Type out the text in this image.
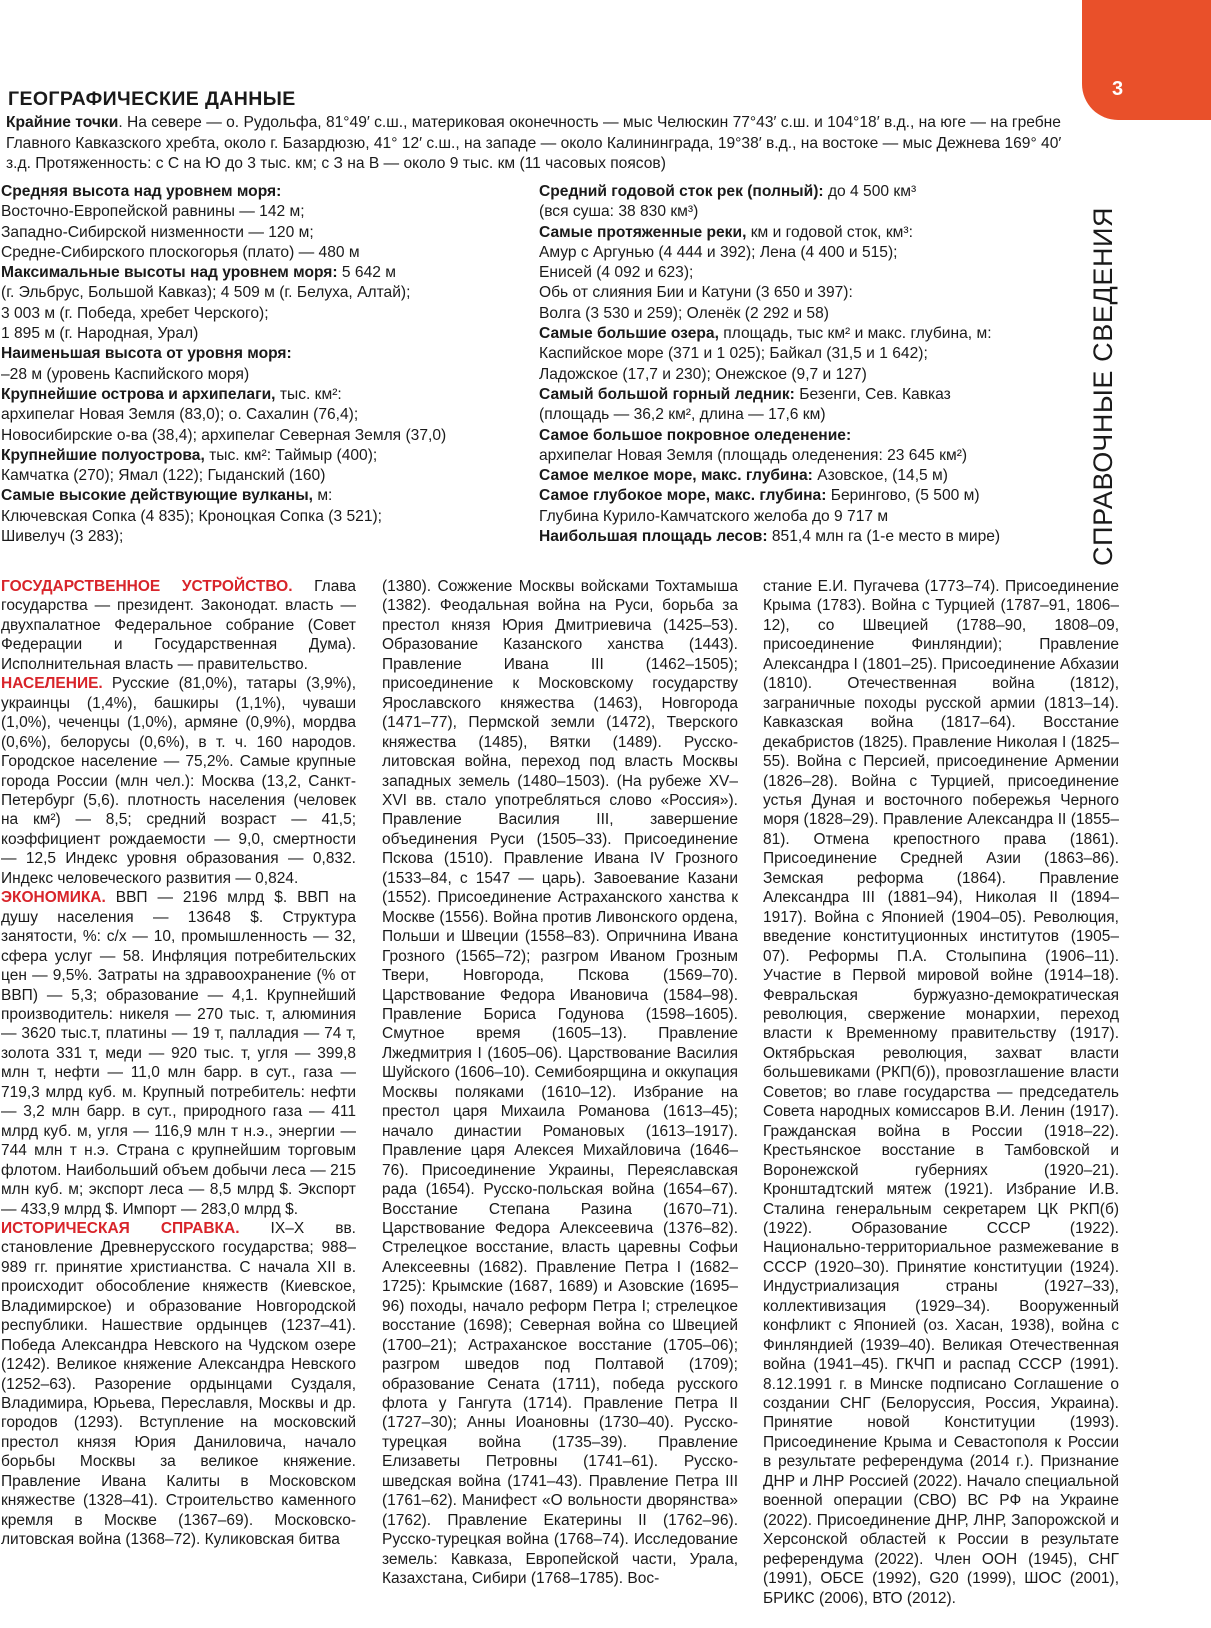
3
СПРАВОЧНЫЕ СВЕДЕНИЯ
ГЕОГРАФИЧЕСКИЕ ДАННЫЕ
Крайние точки. На севере — о. Рудольфа, 81°49′ с.ш., материковая оконечность — мыс Челюскин 77°43′ с.ш. и 104°18′ в.д., на юге — на гребне Главного Кавказского хребта, около г. Базардюзю, 41° 12′ с.ш., на западе — около Калининграда, 19°38′ в.д., на востоке — мыс Дежнева 169° 40′ з.д. Протяженность: с С на Ю до 3 тыс. км; с З на В — около 9 тыс. км (11 часовых поясов)
Средняя высота над уровнем моря:
Восточно-Европейской равнины — 142 м;
Западно-Сибирской низменности — 120 м;
Средне-Сибирского плоскогорья (плато) — 480 м
Максимальные высоты над уровнем моря: 5 642 м
(г. Эльбрус, Большой Кавказ); 4 509 м (г. Белуха, Алтай);
3 003 м (г. Победа, хребет Черского);
1 895 м (г. Народная, Урал)
Наименьшая высота от уровня моря:
–28 м (уровень Каспийского моря)
Крупнейшие острова и архипелаги, тыс. км²:
архипелаг Новая Земля (83,0); о. Сахалин (76,4);
Новосибирские о-ва (38,4); архипелаг Северная Земля (37,0)
Крупнейшие полуострова, тыс. км²: Таймыр (400);
Камчатка (270); Ямал (122); Гыданский (160)
Самые высокие действующие вулканы, м:
Ключевская Сопка (4 835); Кроноцкая Сопка (3 521);
Шивелуч (3 283);
Средний годовой сток рек (полный): до 4 500 км³
(вся суша: 38 830 км³)
Самые протяженные реки, км и годовой сток, км³:
Амур с Аргунью (4 444 и 392); Лена (4 400 и 515);
Енисей (4 092 и 623);
Обь от слияния Бии и Катуни (3 650 и 397):
Волга (3 530 и 259); Оленёк (2 292 и 58)
Самые большие озера, площадь, тыс км² и макс. глубина, м:
Каспийское море (371 и 1 025); Байкал (31,5 и 1 642);
Ладожское (17,7 и 230); Онежское (9,7 и 127)
Самый большой горный ледник: Безенги, Сев. Кавказ
(площадь — 36,2 км², длина — 17,6 км)
Самое большое покровное оледенение:
архипелаг Новая Земля (площадь оледенения: 23 645 км²)
Самое мелкое море, макс. глубина: Азовское, (14,5 м)
Самое глубокое море, макс. глубина: Берингово, (5 500 м)
Глубина Курило-Камчатского желоба до 9 717 м
Наибольшая площадь лесов: 851,4 млн га (1-е место в мире)
ГОСУДАРСТВЕННОЕ УСТРОЙСТВО. Глава государства — президент. Законодат. власть — двухпалатное Федеральное собрание (Совет Федерации и Государственная Дума). Исполнительная власть — правительство.
НАСЕЛЕНИЕ. Русские (81,0%), татары (3,9%), украинцы (1,4%), башкиры (1,1%), чуваши (1,0%), чеченцы (1,0%), армяне (0,9%), мордва (0,6%), белорусы (0,6%), в т. ч. 160 народов. Городское население — 75,2%. Самые крупные города России (млн чел.): Москва (13,2, Санкт-Петербург (5,6). плотность населения (человек на км²) — 8,5; средний возраст — 41,5; коэффициент рождаемости — 9,0, смертности — 12,5 Индекс уровня образования — 0,832. Индекс человеческого развития — 0,824.
ЭКОНОМИКА. ВВП — 2196 млрд $. ВВП на душу населения — 13648 $. Структура занятости, %: с/х — 10, промышленность — 32, сфера услуг — 58. Инфляция потребительских цен — 9,5%. Затраты на здравоохранение (% от ВВП) — 5,3; образование — 4,1. Крупнейший производитель: никеля — 270 тыс. т, алюминия — 3620 тыс.т, платины — 19 т, палладия — 74 т, золота 331 т, меди — 920 тыс. т, угля — 399,8 млн т, нефти — 11,0 млн барр. в сут., газа — 719,3 млрд куб. м. Крупный потребитель: нефти — 3,2 млн барр. в сут., природного газа — 411 млрд куб. м, угля — 116,9 млн т н.э., энергии — 744 млн т н.э. Страна с крупнейшим торговым флотом. Наибольший объем добычи леса — 215 млн куб. м; экспорт леса — 8,5 млрд $. Экспорт — 433,9 млрд $. Импорт — 283,0 млрд $.
ИСТОРИЧЕСКАЯ СПРАВКА. IX–X вв. становление Древнерусского государства; 988–989 гг. принятие христианства. С начала XII в. происходит обособление княжеств (Киевское, Владимирское) и образование Новгородской республики. Нашествие ордынцев (1237–41). Победа Александра Невского на Чудском озере (1242). Великое княжение Александра Невского (1252–63). Разорение ордынцами Суздаля, Владимира, Юрьева, Переславля, Москвы и др. городов (1293). Вступление на московский престол князя Юрия Даниловича, начало борьбы Москвы за великое княжение. Правление Ивана Калиты в Московском княжестве (1328–41). Строительство каменного кремля в Москве (1367–69). Московско-литовская война (1368–72). Куликовская битва
(1380). Сожжение Москвы войсками Тохтамыша (1382). Феодальная война на Руси, борьба за престол князя Юрия Дмитриевича (1425–53). Образование Казанского ханства (1443). Правление Ивана III (1462–1505); присоединение к Московскому государству Ярославского княжества (1463), Новгорода (1471–77), Пермской земли (1472), Тверского княжества (1485), Вятки (1489). Русско-литовская война, переход под власть Москвы западных земель (1480–1503). (На рубеже XV–XVI вв. стало употребляться слово «Россия»). Правление Василия III, завершение объединения Руси (1505–33). Присоединение Пскова (1510). Правление Ивана IV Грозного (1533–84, с 1547 — царь). Завоевание Казани (1552). Присоединение Астраханского ханства к Москве (1556). Война против Ливонского ордена, Польши и Швеции (1558–83). Опричнина Ивана Грозного (1565–72); разгром Иваном Грозным Твери, Новгорода, Пскова (1569–70). Царствование Федора Ивановича (1584–98). Правление Бориса Годунова (1598–1605). Смутное время (1605–13). Правление Лжедмитрия I (1605–06). Царствование Василия Шуйского (1606–10). Семибоярщина и оккупация Москвы поляками (1610–12). Избрание на престол царя Михаила Романова (1613–45); начало династии Романовых (1613–1917). Правление царя Алексея Михайловича (1646–76). Присоединение Украины, Переяславская рада (1654). Русско-польская война (1654–67). Восстание Степана Разина (1670–71). Царствование Федора Алексеевича (1376–82). Стрелецкое восстание, власть царевны Софьи Алексеевны (1682). Правление Петра I (1682–1725): Крымские (1687, 1689) и Азовские (1695–96) походы, начало реформ Петра I; стрелецкое восстание (1698); Северная война со Швецией (1700–21); Астраханское восстание (1705–06); разгром шведов под Полтавой (1709); образование Сената (1711), победа русского флота у Гангута (1714). Правление Петра II (1727–30); Анны Иоановны (1730–40). Русско-турецкая война (1735–39). Правление Елизаветы Петровны (1741–61). Русско-шведская война (1741–43). Правление Петра III (1761–62). Манифест «О вольности дворянства» (1762). Правление Екатерины II (1762–96). Русско-турецкая война (1768–74). Исследование земель: Кавказа, Европейской части, Урала, Казахстана, Сибири (1768–1785). Вос-
стание Е.И. Пугачева (1773–74). Присоединение Крыма (1783). Война с Турцией (1787–91, 1806–12), со Швецией (1788–90, 1808–09, присоединение Финляндии); Правление Александра I (1801–25). Присоединение Абхазии (1810). Отечественная война (1812), заграничные походы русской армии (1813–14). Кавказская война (1817–64). Восстание декабристов (1825). Правление Николая I (1825–55). Война с Персией, присоединение Армении (1826–28). Война с Турцией, присоединение устья Дуная и восточного побережья Черного моря (1828–29). Правление Александра II (1855–81). Отмена крепостного права (1861). Присоединение Средней Азии (1863–86). Земская реформа (1864). Правление Александра III (1881–94), Николая II (1894–1917). Война с Японией (1904–05). Революция, введение конституционных институтов (1905–07). Реформы П.А. Столыпина (1906–11). Участие в Первой мировой войне (1914–18). Февральская буржуазно-демократическая революция, свержение монархии, переход власти к Временному правительству (1917). Октябрьская революция, захват власти большевиками (РКП(б)), провозглашение власти Советов; во главе государства — председатель Совета народных комиссаров В.И. Ленин (1917). Гражданская война в России (1918–22). Крестьянское восстание в Тамбовской и Воронежской губерниях (1920–21). Кронштадтский мятеж (1921). Избрание И.В. Сталина генеральным секретарем ЦК РКП(б) (1922). Образование СССР (1922). Национально-территориальное размежевание в СССР (1920–30). Принятие конституции (1924). Индустриализация страны (1927–33), коллективизация (1929–34). Вооруженный конфликт с Японией (оз. Хасан, 1938), война с Финляндией (1939–40). Великая Отечественная война (1941–45). ГКЧП и распад СССР (1991). 8.12.1991 г. в Минске подписано Соглашение о создании СНГ (Белоруссия, Россия, Украина). Принятие новой Конституции (1993). Присоединение Крыма и Севастополя к России в результате референдума (2014 г.). Признание ДНР и ЛНР Россией (2022). Начало специальной военной операции (СВО) ВС РФ на Украине (2022). Присоединение ДНР, ЛНР, Запорожской и Херсонской областей к России в результате референдума (2022). Член ООН (1945), СНГ (1991), ОБСЕ (1992), G20 (1999), ШОС (2001), БРИКС (2006), ВТО (2012).
